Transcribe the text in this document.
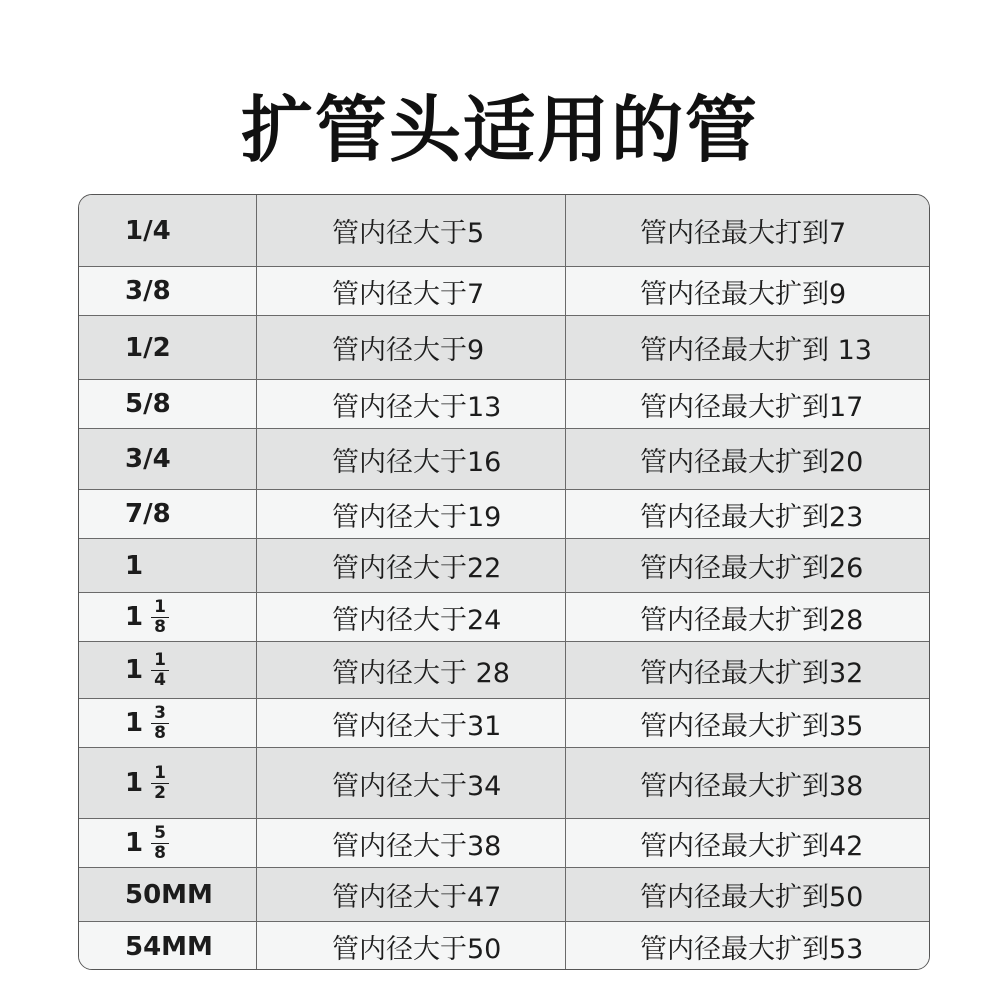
扩管头适用的管
1/4	管内径大于5	管内径最大打到7
3/8	管内径大于7	管内径最大扩到9
1/2	管内径大于9	管内径最大扩到 13
5/8	管内径大于13	管内径最大扩到17
3/4	管内径大于16	管内径最大扩到20
7/8	管内径大于19	管内径最大扩到23
1	管内径大于22	管内径最大扩到26
$1 \frac{1}{8}$	管内径大于24	管内径最大扩到28
$1 \frac{1}{4}$	管内径大于 28	管内径最大扩到32
$1 \frac{3}{8}$	管内径大于31	管内径最大扩到35
$1 \frac{1}{2}$	管内径大于34	管内径最大扩到38
$1 \frac{5}{8}$	管内径大于38	管内径最大扩到42
50MM	管内径大于47	管内径最大扩到50
54MM	管内径大于50	管内径最大扩到53
